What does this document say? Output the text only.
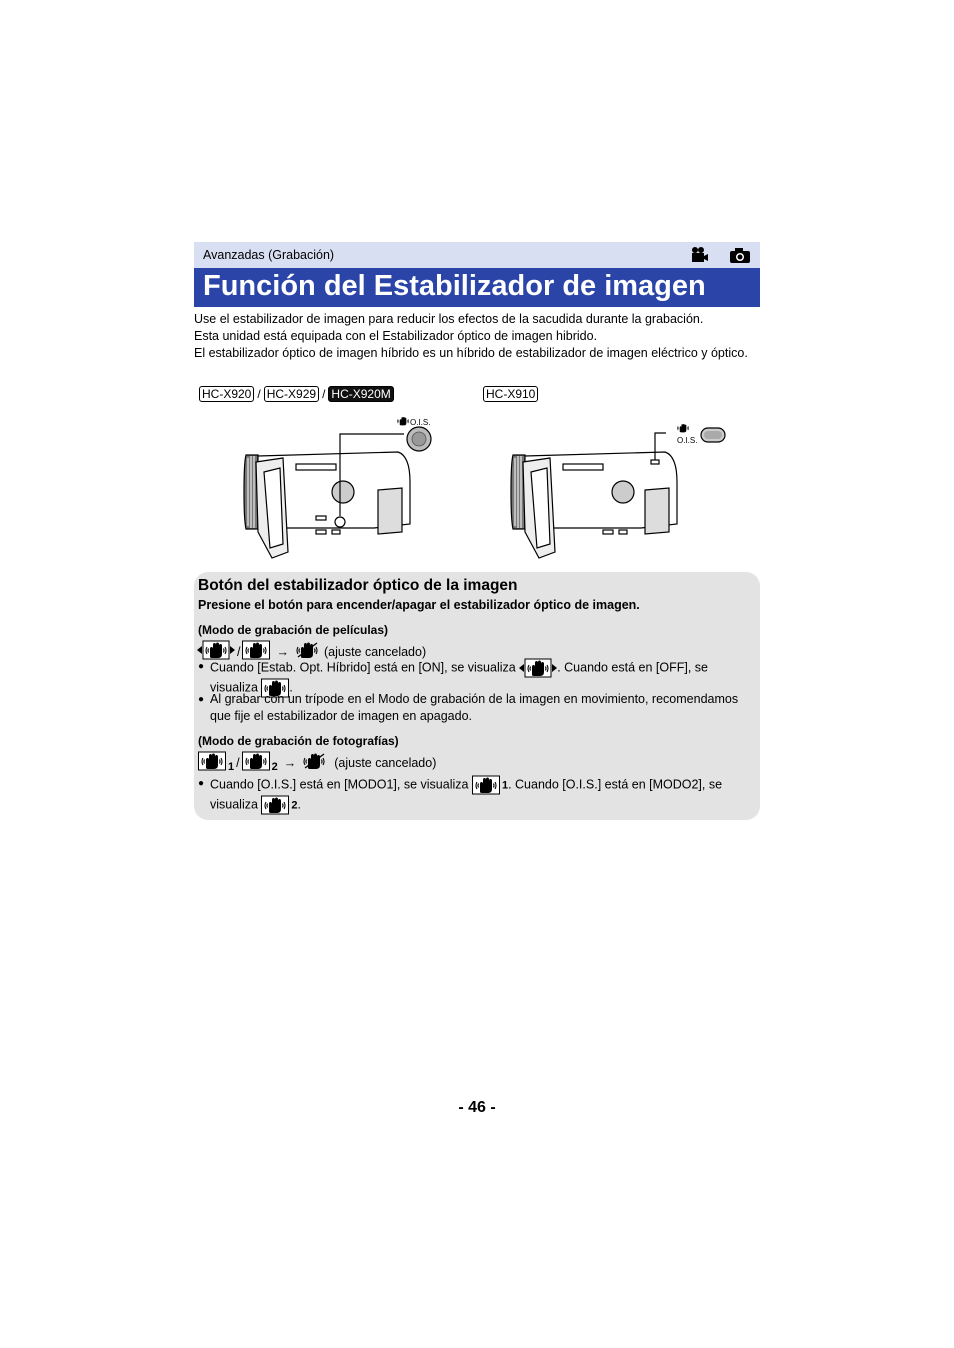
Avanzadas (Grabación)
Función del Estabilizador de imagen

Use el estabilizador de imagen para reducir los efectos de la sacudida durante la grabación.

Esta unidad está equipada con el Estabilizador óptico de imagen hibrido.

El estabilizador óptico de imagen híbrido es un híbrido de estabilizador de imagen eléctrico y óptico.

HC-X920 / HC-X929 / HC-X920M	HC-X910
O.I.S.
O.I.S.
Botón del estabilizador óptico de la imagen
Presione el botón para encender/apagar el estabilizador óptico de imagen.
(Modo de grabación de películas)
/	→	(ajuste cancelado)
● Cuando [Estab. Opt. Híbrido] está en [ON], se visualiza	. Cuando está en [OFF], se visualiza	.
● Al grabar con un trípode en el Modo de grabación de la imagen en movimiento, recomendamos que fije el estabilizador de imagen en apagado.
(Modo de grabación de fotografías)
1 /	2 →	(ajuste cancelado)
● Cuando [O.I.S.] está en [MODO1], se visualiza	1. Cuando [O.I.S.] está en [MODO2], se visualiza	2.
- 46 -
